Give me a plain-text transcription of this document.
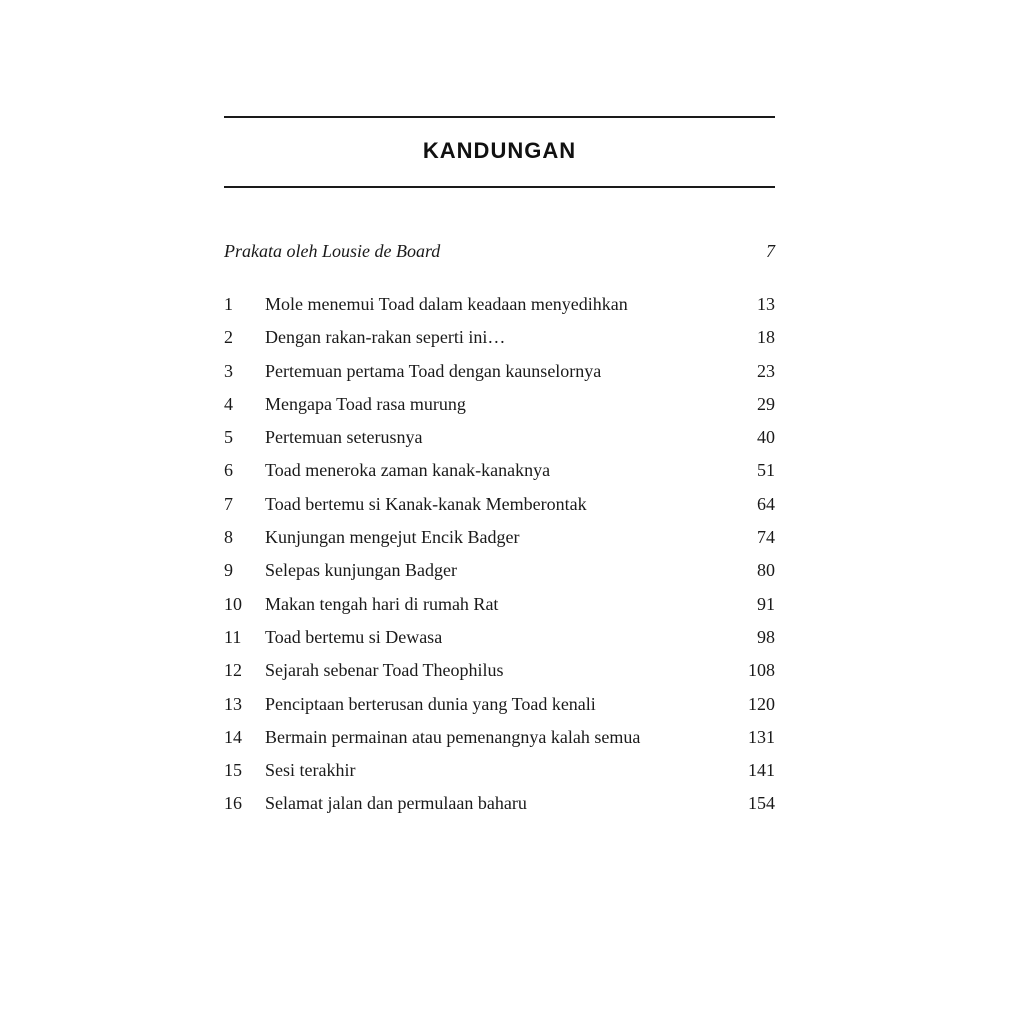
KANDUNGAN
Prakata oleh Lousie de Board	7
1	Mole menemui Toad dalam keadaan menyedihkan	13
2	Dengan rakan-rakan seperti ini…	18
3	Pertemuan pertama Toad dengan kaunselornya	23
4	Mengapa Toad rasa murung	29
5	Pertemuan seterusnya	40
6	Toad meneroka zaman kanak-kanaknya	51
7	Toad bertemu si Kanak-kanak Memberontak	64
8	Kunjungan mengejut Encik Badger	74
9	Selepas kunjungan Badger	80
10	Makan tengah hari di rumah Rat	91
11	Toad bertemu si Dewasa	98
12	Sejarah sebenar Toad Theophilus	108
13	Penciptaan berterusan dunia yang Toad kenali	120
14	Bermain permainan atau pemenangnya kalah semua	131
15	Sesi terakhir	141
16	Selamat jalan dan permulaan baharu	154
